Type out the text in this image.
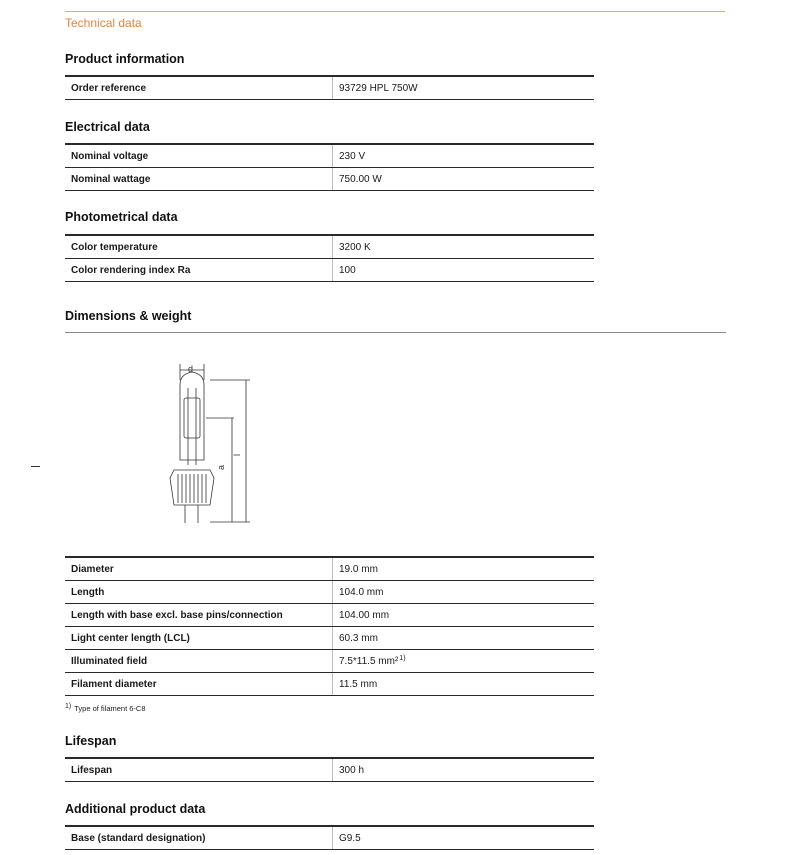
Technical data
Product information
Order reference	93729 HPL 750W
Electrical data
Nominal voltage	230 V
Nominal wattage	750.00 W
Photometrical data
Color temperature	3200 K
Color rendering index Ra	100
Dimensions & weight
d
a
l
Diameter	19.0 mm
Length	104.0 mm
Length with base excl. base pins/connection	104.00 mm
Light center length (LCL)	60.3 mm
Illuminated field	7.5*11.5 mm²$^{1)}$
Filament diameter	11.5 mm
1) Type of filament 6-C8
Lifespan
Lifespan	300 h
Additional product data
Base (standard designation)	G9.5
